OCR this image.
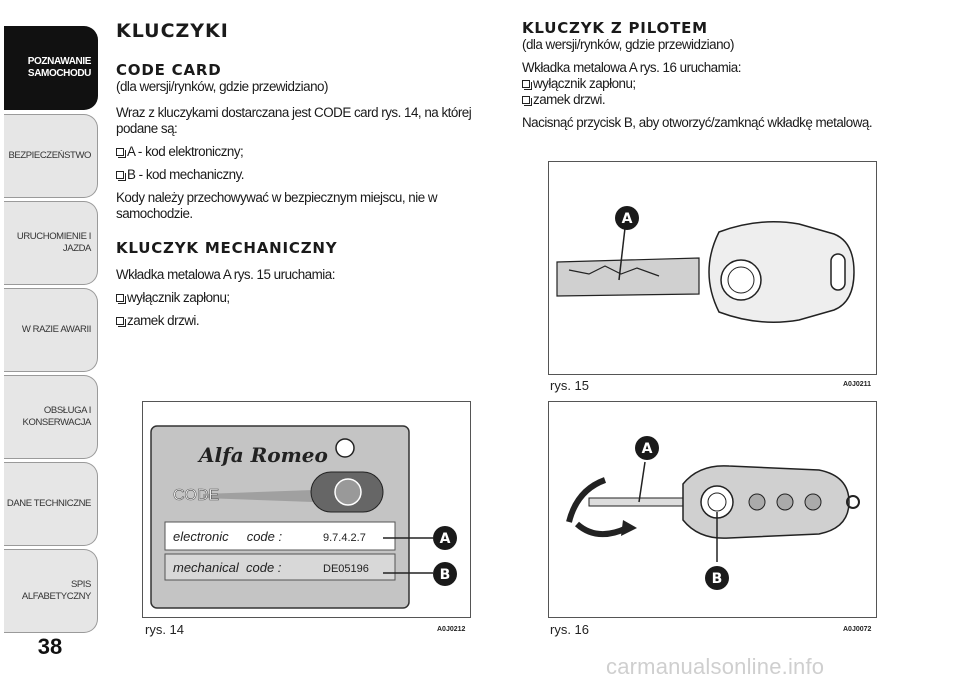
POZNAWANIE
SAMOCHODU
BEZPIECZEŃSTWO
URUCHOMIENIE I
JAZDA
W RAZIE AWARII
OBSŁUGA I
KONSERWACJA
DANE TECHNICZNE
SPIS ALFABETYCZNY
38
KLUCZYKI
CODE CARD
(dla wersji/rynków, gdzie przewidziano)
Wraz z kluczykami dostarczana jest CODE card rys. 14, na której podane są:
A - kod elektroniczny;
B - kod mechaniczny.
Kody należy przechowywać w bezpiecznym miejscu, nie w samochodzie.
KLUCZYK MECHANICZNY
Wkładka metalowa A rys. 15 uruchamia:
wyłącznik zapłonu;
zamek drzwi.
KLUCZYK Z PILOTEM
(dla wersji/rynków, gdzie przewidziano)
Wkładka metalowa A rys. 16 uruchamia:
wyłącznik zapłonu;
zamek drzwi.
Nacisnąć przycisk B, aby otworzyć/zamknąć wkładkę metalową.
Alfa Romeo
CODE
electronic     code :	9.7.4.2.7
mechanical  code :	DE05196
A
B
rys. 14	A0J0212
A
rys. 15	A0J0211
A
B
rys. 16	A0J0072
carmanualsonline.info
